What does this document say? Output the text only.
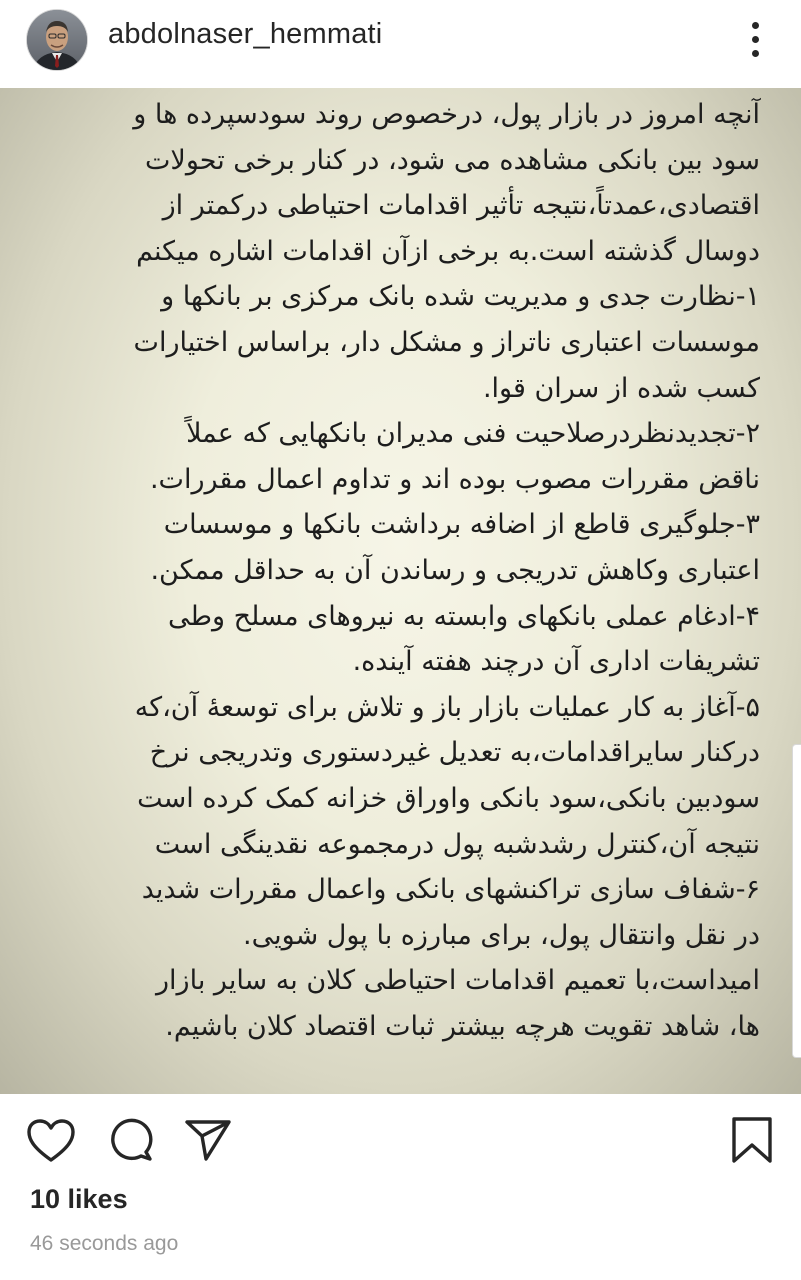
abdolnaser_hemmati
آنچه امروز در بازار پول، درخصوص روند سودسپرده ها و
سود بین بانکی مشاهده می شود، در کنار برخی تحولات
اقتصادی،عمدتاً،نتیجه تأثیر اقدامات احتیاطی درکمتر از
دوسال گذشته است.به برخی ازآن اقدامات اشاره میکنم
۱-نظارت جدی و مدیریت شده بانک مرکزی بر بانکها و
موسسات اعتباری ناتراز و مشکل دار، براساس اختیارات
کسب شده از سران قوا.
۲-تجدیدنظردرصلاحیت فنی مدیران بانکهایی که عملاً
ناقض مقررات مصوب بوده اند و تداوم اعمال مقررات.
۳-جلوگیری قاطع از اضافه برداشت بانکها و موسسات
اعتباری وکاهش تدریجی و رساندن آن به حداقل ممکن.
۴-ادغام عملی بانکهای وابسته به نیروهای مسلح وطی
تشریفات اداری آن درچند هفته آینده.
۵-آغاز به کار عملیات بازار باز و تلاش برای توسعۀ آن،که
درکنار سایراقدامات،به تعدیل غیردستوری وتدریجی نرخ
سودبین بانکی،سود بانکی واوراق خزانه کمک کرده است
نتیجه آن،کنترل رشدشبه پول درمجموعه نقدینگی است
۶-شفاف سازی تراکنشهای بانکی واعمال مقررات شدید
در نقل وانتقال پول، برای مبارزه با پول شویی.
امیداست،با تعمیم اقدامات احتیاطی کلان به سایر بازار
ها، شاهد تقویت هرچه بیشتر ثبات اقتصاد کلان باشیم.
10 likes
46 seconds ago
